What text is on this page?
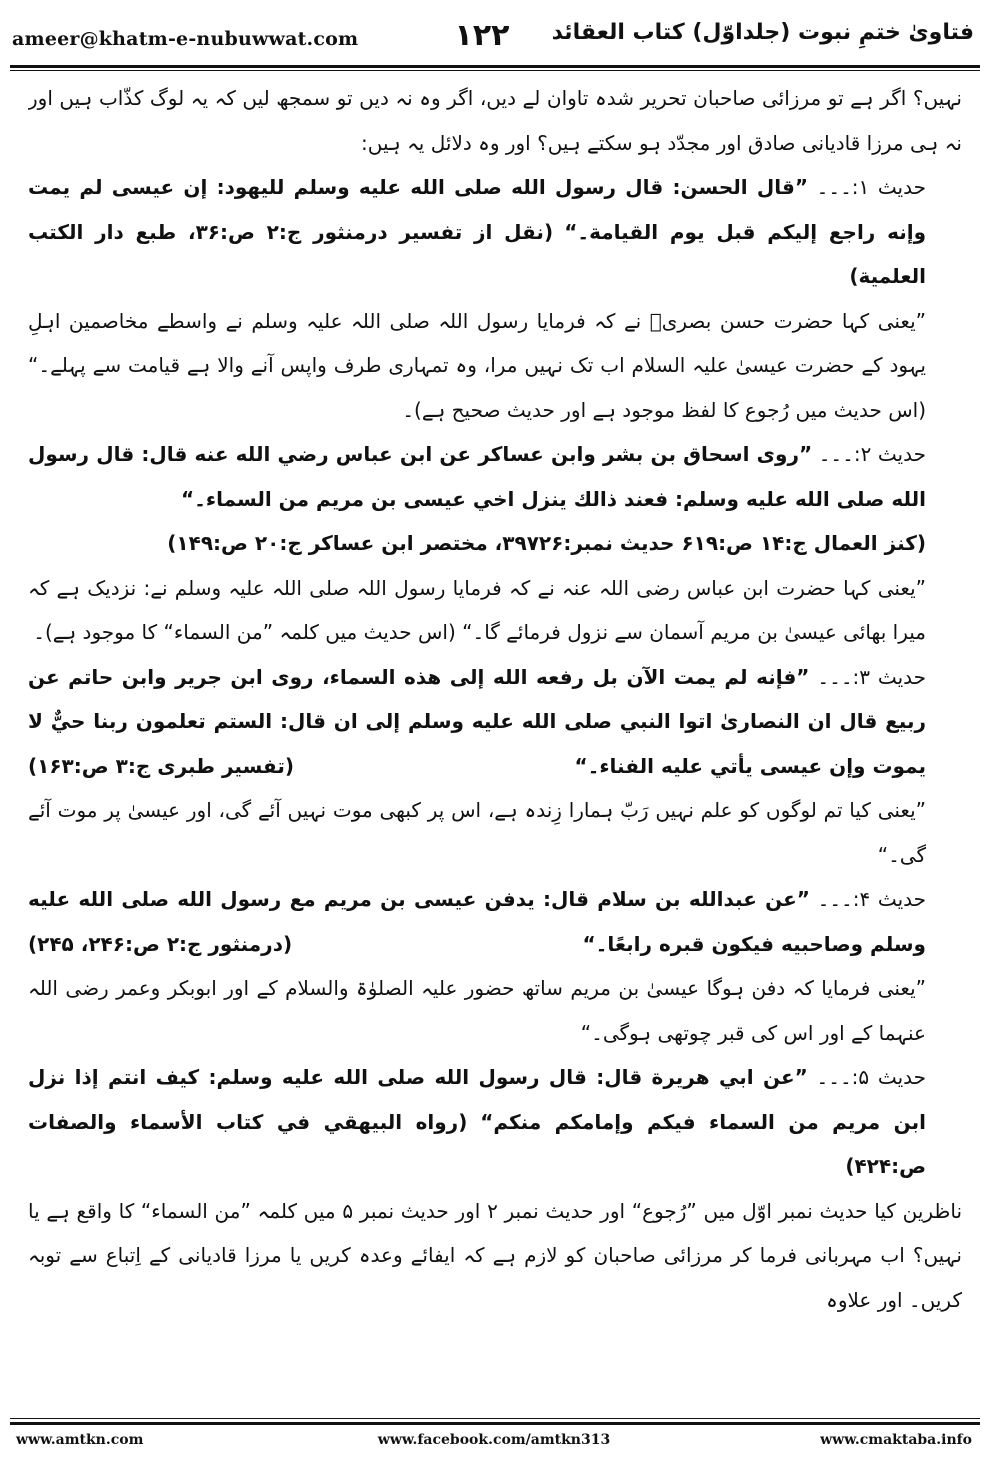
ameer@khatm-e-nubuwwat.com	۱۲۲	فتاویٰ ختمِ نبوت (جلداوّل) کتاب العقائد

نہیں؟ اگر ہے تو مرزائی صاحبان تحریر شدہ تاوان لے دیں، اگر وہ نہ دیں تو سمجھ لیں کہ یہ لوگ کذّاب ہیں اور نہ ہی مرزا قادیانی صادق اور مجدّد ہو سکتے ہیں؟ اور وہ دلائل یہ ہیں:

حدیث ۱:۔۔۔ ”قال الحسن: قال رسول الله صلى الله عليه وسلم لليهود: إن عيسى لم يمت وإنه راجع إليكم قبل يوم القيامة۔“ (نقل از تفسیر درمنثور ج:۲ ص:۳۶، طبع دار الکتب العلمیة)

”یعنی کہا حضرت حسن بصریؒ نے کہ فرمایا رسول اللہ صلی اللہ علیہ وسلم نے واسطے مخاصمین اہلِ یہود کے حضرت عیسیٰ علیہ السلام اب تک نہیں مرا، وہ تمہاری طرف واپس آنے والا ہے قیامت سے پہلے۔“ (اس حدیث میں رُجوع کا لفظ موجود ہے اور حدیث صحیح ہے)۔

حدیث ۲:۔۔۔ ”روى اسحاق بن بشر وابن عساكر عن ابن عباس رضي الله عنه قال: قال رسول الله صلى الله عليه وسلم: فعند ذالك ينزل اخي عيسى بن مريم من السماء۔“

(کنز العمال ج:۱۴ ص:۶۱۹ حدیث نمبر:۳۹۷۲۶، مختصر ابن عساکر ج:۲۰ ص:۱۴۹)

”یعنی کہا حضرت ابن عباس رضی اللہ عنہ نے کہ فرمایا رسول اللہ صلی اللہ علیہ وسلم نے: نزدیک ہے کہ میرا بھائی عیسیٰ بن مریم آسمان سے نزول فرمائے گا۔“ (اس حدیث میں کلمہ ”من السماء“ کا موجود ہے)۔

حدیث ۳:۔۔۔ ”فإنه لم يمت الآن بل رفعه الله إلى هذه السماء، روى ابن جرير وابن حاتم عن ربيع قال ان النصارىٰ اتوا النبي صلى الله عليه وسلم إلى ان قال: الستم تعلمون ربنا حيٌّ لا يموت وإن عيسى يأتي عليه الفناء۔“
(تفسیر طبری ج:۳ ص:۱۶۳)

”یعنی کیا تم لوگوں کو علم نہیں رَبّ ہمارا زِندہ ہے، اس پر کبھی موت نہیں آئے گی، اور عیسیٰ پر موت آئے گی۔“

حدیث ۴:۔۔۔ ”عن عبدالله بن سلام قال: يدفن عيسى بن مريم مع رسول الله صلى الله عليه وسلم وصاحبيه فيكون قبره رابعًا۔“
(درمنثور ج:۲ ص:۲۴۶، ۲۴۵)

”یعنی فرمایا کہ دفن ہوگا عیسیٰ بن مریم ساتھ حضور علیہ الصلوٰۃ والسلام کے اور ابوبکر وعمر رضی اللہ عنہما کے اور اس کی قبر چوتھی ہوگی۔“

حدیث ۵:۔۔۔ ”عن ابي هريرة قال: قال رسول الله صلى الله عليه وسلم: كيف انتم إذا نزل ابن مريم من السماء فيكم وإمامكم منكم“ (رواه البيهقي في كتاب الأسماء والصفات ص:۴۲۴)

ناظرین کیا حدیث نمبر اوّل میں ”رُجوع“ اور حدیث نمبر ۲ اور حدیث نمبر ۵ میں کلمہ ”من السماء“ کا واقع ہے یا نہیں؟ اب مہربانی فرما کر مرزائی صاحبان کو لازم ہے کہ ایفائے وعدہ کریں یا مرزا قادیانی کے اِتباع سے توبہ کریں۔ اور علاوہ

www.amtkn.com	www.facebook.com/amtkn313	www.cmaktaba.info
